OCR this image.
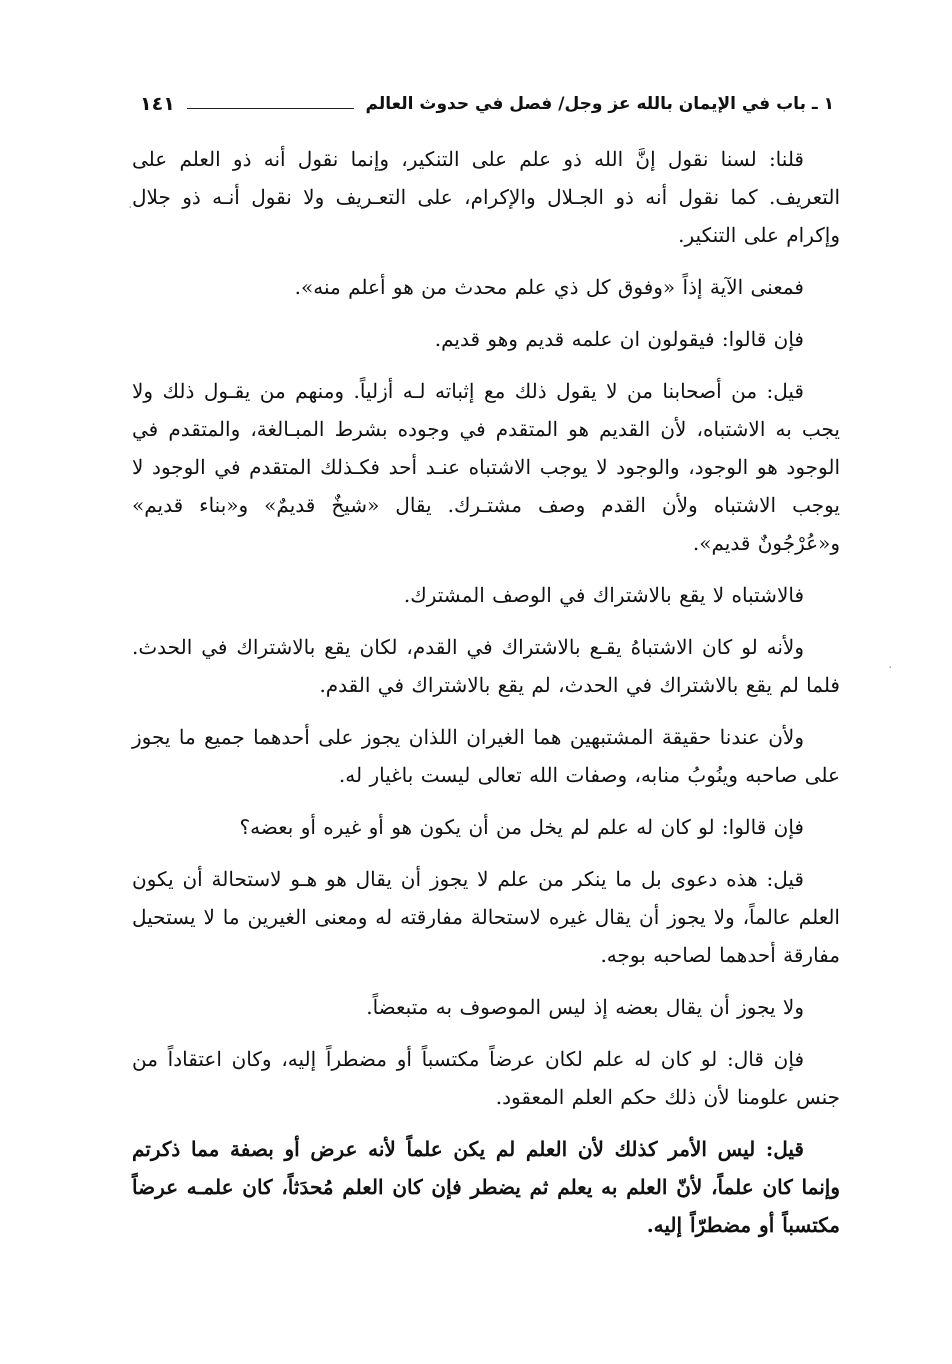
١ ـ باب في الإيمان بالله عز وجل/ فصل في حدوث العالم
١٤١

قلنا: لسنا نقول إنَّ الله ذو علم على التنكير، وإنما نقول أنه ذو العلم على التعريف. كما نقول أنه ذو الجـلال والإكرام، على التعـريف ولا نقول أنـه ذو جلال وإكرام على التنكير.

فمعنى الآية إذاً «وفوق كل ذي علم محدث من هو أعلم منه».

فإن قالوا: فيقولون ان علمه قديم وهو قديم.

قيل: من أصحابنا من لا يقول ذلك مع إثباته لـه أزلياً. ومنهم من يقـول ذلك ولا يجب به الاشتباه، لأن القديم هو المتقدم في وجوده بشرط المبـالغة، والمتقدم في الوجود هو الوجود، والوجود لا يوجب الاشتباه عنـد أحد فكـذلك المتقدم في الوجود لا يوجب الاشتباه ولأن القدم وصف مشتـرك. يقال «شيخٌ قديمٌ» و«بناء قديم» و«عُرْجُونٌ قديم».

فالاشتباه لا يقع بالاشتراك في الوصف المشترك.

ولأنه لو كان الاشتباهُ يقـع بالاشتراك في القدم، لكان يقع بالاشتراك في الحدث. فلما لم يقع بالاشتراك في الحدث، لم يقع بالاشتراك في القدم.

ولأن عندنا حقيقة المشتبهين هما الغيران اللذان يجوز على أحدهما جميع ما يجوز على صاحبه وينُوبُ منابه، وصفات الله تعالى ليست باغيار له.

فإن قالوا: لو كان له علم لم يخل من أن يكون هو أو غيره أو بعضه؟

قيل: هذه دعوى بل ما ينكر من علم لا يجوز أن يقال هو هـو لاستحالة أن يكون العلم عالماً، ولا يجوز أن يقال غيره لاستحالة مفارقته له ومعنى الغيرين ما لا يستحيل مفارقة أحدهما لصاحبه بوجه.

ولا يجوز أن يقال بعضه إذ ليس الموصوف به متبعضاً.

فإن قال: لو كان له علم لكان عرضاً مكتسباً أو مضطراً إليه، وكان اعتقاداً من جنس علومنا لأن ذلك حكم العلم المعقود.

قيل: ليس الأمر كذلك لأن العلم لم يكن علماً لأنه عرض أو بصفة مما ذكرتم وإنما كان علماً، لأنّ العلم به يعلم ثم يضطر فإن كان العلم مُحدَثاً، كان علمـه عرضاً مكتسباً أو مضطرّاً إليه.

·
·
